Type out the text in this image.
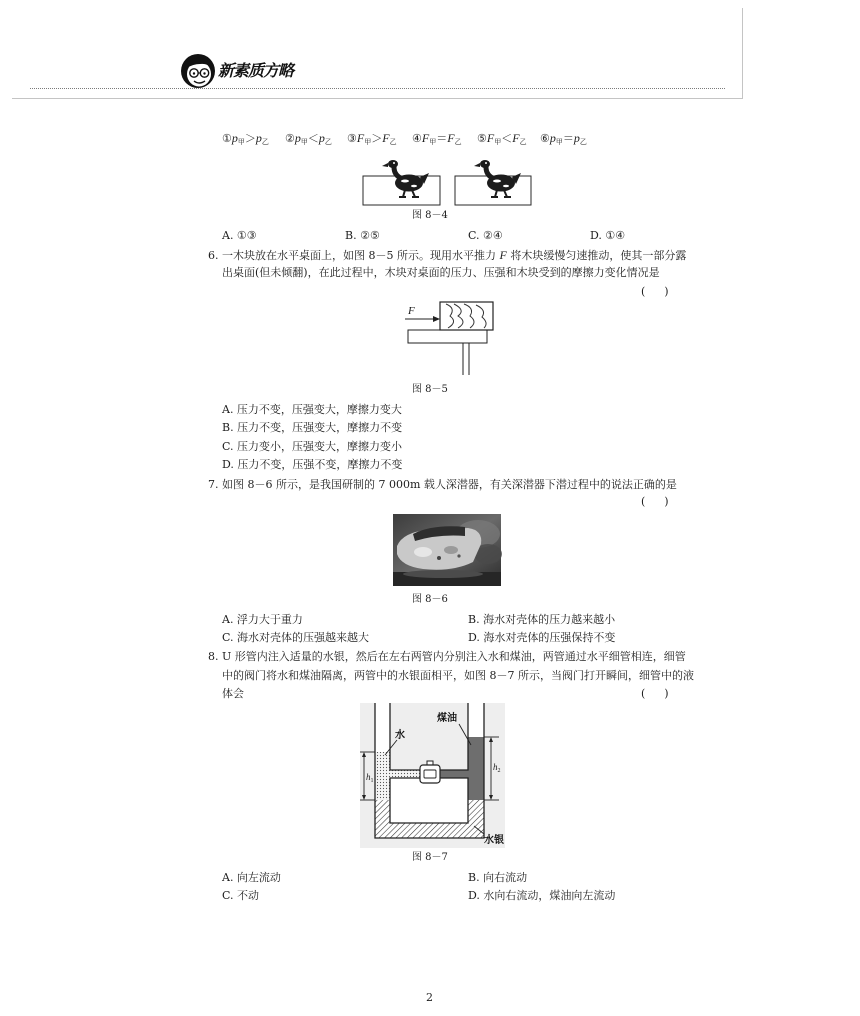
新素质方略
$①p_甲>p_乙$ $②p_甲<p_乙$ $③F_甲>F_乙$ $④F_甲=F_乙$ $⑤F_甲<F_乙$ $⑥p_甲=p_乙$
图 8－4
A. ①③	B. ②⑤	C. ②④	D. ①④
6. 一木块放在水平桌面上，如图 8－5 所示。现用水平推力 F 将木块缓慢匀速推动，使其一部分露
出桌面(但未倾翻)，在此过程中，木块对桌面的压力、压强和木块受到的摩擦力变化情况是
(    )
F
图 8－5
A. 压力不变，压强变大，摩擦力变大
B. 压力不变，压强变大，摩擦力不变
C. 压力变小，压强变大，摩擦力变小
D. 压力不变，压强不变，摩擦力不变
7. 如图 8－6 所示，是我国研制的 7 000m 载人深潜器，有关深潜器下潜过程中的说法正确的是
(    )
图 8－6
A. 浮力大于重力	B. 海水对壳体的压力越来越小
C. 海水对壳体的压强越来越大	D. 海水对壳体的压强保持不变
8. U 形管内注入适量的水银，然后在左右两管内分别注入水和煤油，两管通过水平细管相连，细管
中的阀门将水和煤油隔离，两管中的水银面相平，如图 8－7 所示，当阀门打开瞬间，细管中的液
体会	(    )
$h_1$
$h_2$
水
煤油
水银
图 8－7
A. 向左流动	B. 向右流动
C. 不动	D. 水向右流动，煤油向左流动
2
